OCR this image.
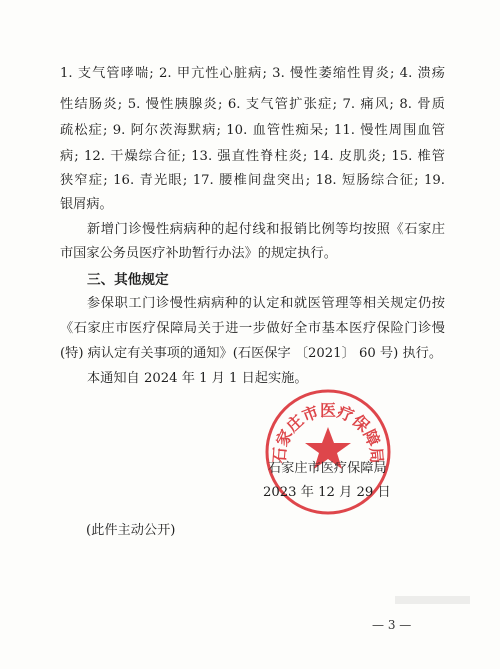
1. 支气管哮喘; 2. 甲亢性心脏病; 3. 慢性萎缩性胃炎; 4. 溃疡
性结肠炎; 5. 慢性胰腺炎; 6. 支气管扩张症; 7. 痛风; 8. 骨质
疏松症; 9. 阿尔茨海默病; 10. 血管性痴呆; 11. 慢性周围血管
病; 12. 干燥综合征; 13. 强直性脊柱炎; 14. 皮肌炎; 15. 椎管
狭窄症; 16. 青光眼; 17. 腰椎间盘突出; 18. 短肠综合征; 19.
银屑病。
新增门诊慢性病病种的起付线和报销比例等均按照《石家庄
市国家公务员医疗补助暂行办法》的规定执行。
三、其他规定
参保职工门诊慢性病病种的认定和就医管理等相关规定仍按
《石家庄市医疗保障局关于进一步做好全市基本医疗保险门诊慢
(特) 病认定有关事项的通知》(石医保字 〔2021〕 60 号) 执行。
本通知自 2024 年 1 月 1 日起实施。
石家庄市医疗保障局
石家庄市医疗保障局
2023 年 12 月 29 日
(此件主动公开)
— 3 —
